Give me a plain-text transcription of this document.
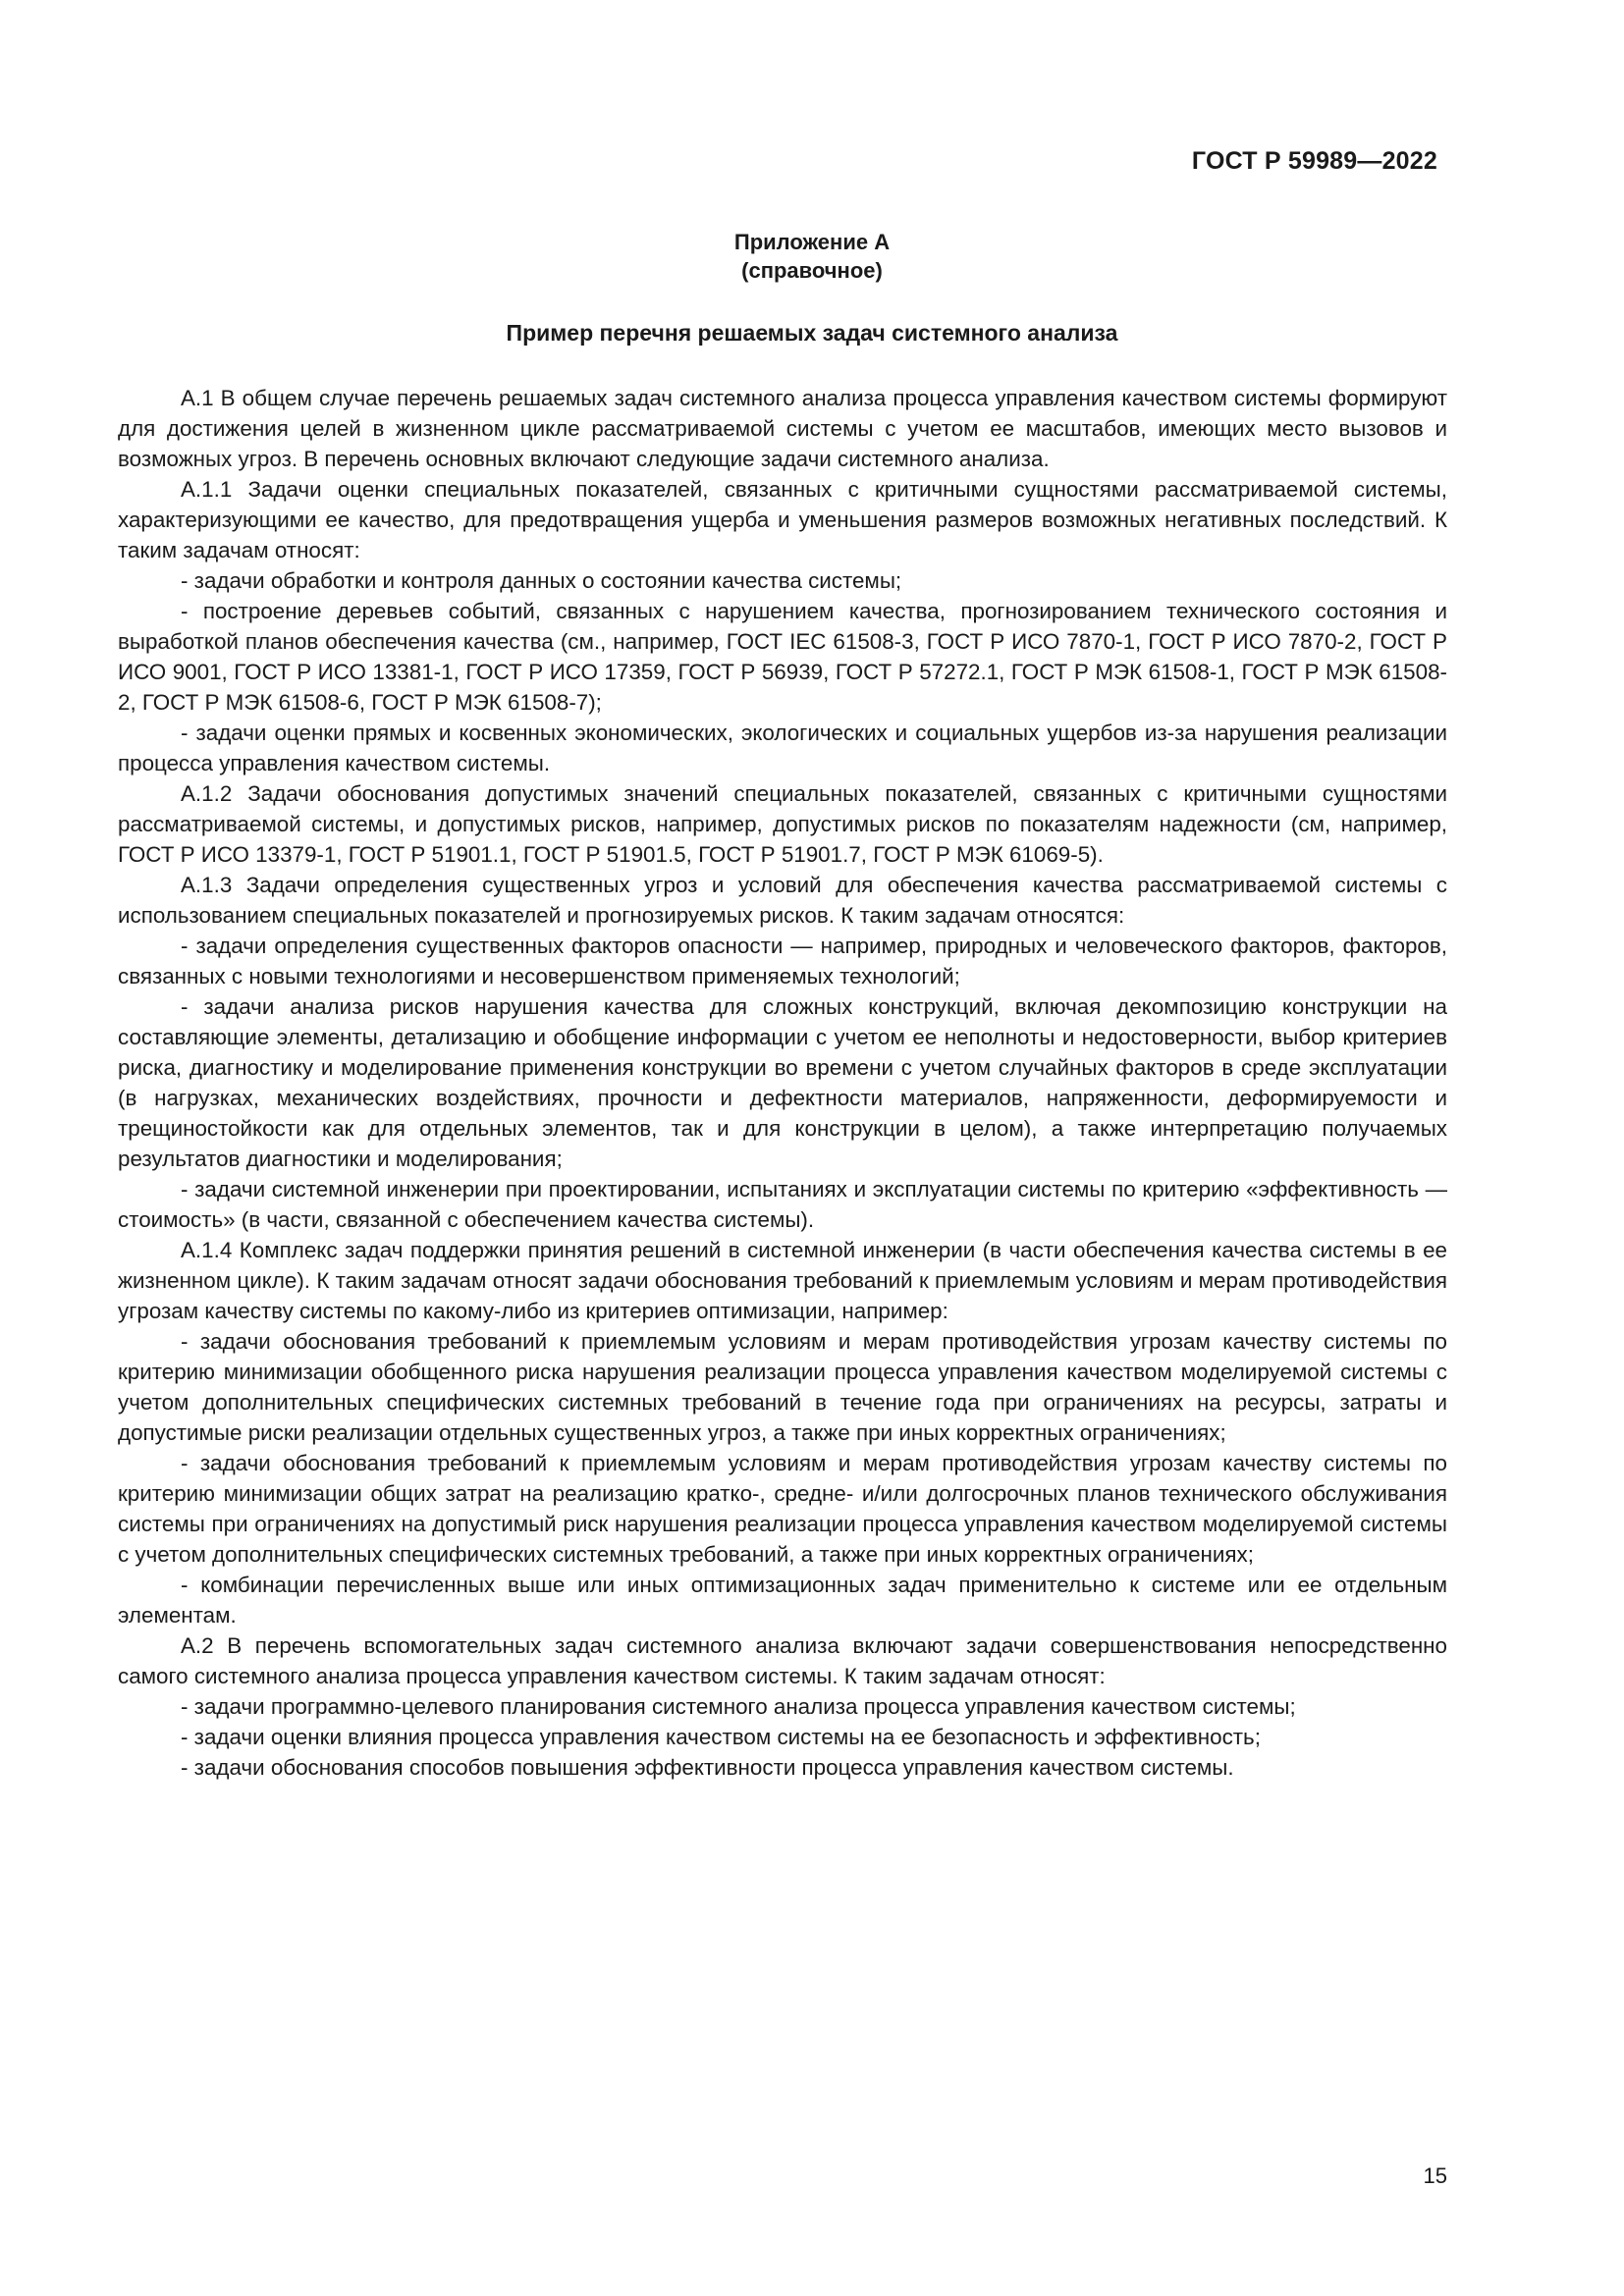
ГОСТ Р 59989—2022
Приложение А
(справочное)
Пример перечня решаемых задач системного анализа

А.1 В общем случае перечень решаемых задач системного анализа процесса управления качеством системы формируют для достижения целей в жизненном цикле рассматриваемой системы с учетом ее масштабов, имеющих место вызовов и возможных угроз. В перечень основных включают следующие задачи системного анализа.

А.1.1 Задачи оценки специальных показателей, связанных с критичными сущностями рассматриваемой системы, характеризующими ее качество, для предотвращения ущерба и уменьшения размеров возможных негативных последствий. К таким задачам относят:

- задачи обработки и контроля данных о состоянии качества системы;

- построение деревьев событий, связанных с нарушением качества, прогнозированием технического состояния и выработкой планов обеспечения качества (см., например, ГОСТ IEC 61508-3, ГОСТ Р ИСО 7870-1, ГОСТ Р ИСО 7870-2, ГОСТ Р ИСО 9001, ГОСТ Р ИСО 13381-1, ГОСТ Р ИСО 17359, ГОСТ Р 56939, ГОСТ Р 57272.1, ГОСТ Р МЭК 61508-1, ГОСТ Р МЭК 61508-2, ГОСТ Р МЭК 61508-6, ГОСТ Р МЭК 61508-7);

- задачи оценки прямых и косвенных экономических, экологических и социальных ущербов из-за нарушения реализации процесса управления качеством системы.

А.1.2 Задачи обоснования допустимых значений специальных показателей, связанных с критичными сущностями рассматриваемой системы, и допустимых рисков, например, допустимых рисков по показателям надежности (см, например, ГОСТ Р ИСО 13379-1, ГОСТ Р 51901.1, ГОСТ Р 51901.5, ГОСТ Р 51901.7, ГОСТ Р МЭК 61069-5).

А.1.3 Задачи определения существенных угроз и условий для обеспечения качества рассматриваемой системы с использованием специальных показателей и прогнозируемых рисков. К таким задачам относятся:

- задачи определения существенных факторов опасности — например, природных и человеческого факторов, факторов, связанных с новыми технологиями и несовершенством применяемых технологий;

- задачи анализа рисков нарушения качества для сложных конструкций, включая декомпозицию конструкции на составляющие элементы, детализацию и обобщение информации с учетом ее неполноты и недостоверности, выбор критериев риска, диагностику и моделирование применения конструкции во времени с учетом случайных факторов в среде эксплуатации (в нагрузках, механических воздействиях, прочности и дефектности материалов, напряженности, деформируемости и трещиностойкости как для отдельных элементов, так и для конструкции в целом), а также интерпретацию получаемых результатов диагностики и моделирования;

- задачи системной инженерии при проектировании, испытаниях и эксплуатации системы по критерию «эффективность — стоимость» (в части, связанной с обеспечением качества системы).

А.1.4 Комплекс задач поддержки принятия решений в системной инженерии (в части обеспечения качества системы в ее жизненном цикле). К таким задачам относят задачи обоснования требований к приемлемым условиям и мерам противодействия угрозам качеству системы по какому-либо из критериев оптимизации, например:

- задачи обоснования требований к приемлемым условиям и мерам противодействия угрозам качеству системы по критерию минимизации обобщенного риска нарушения реализации процесса управления качеством моделируемой системы с учетом дополнительных специфических системных требований в течение года при ограничениях на ресурсы, затраты и допустимые риски реализации отдельных существенных угроз, а также при иных корректных ограничениях;

- задачи обоснования требований к приемлемым условиям и мерам противодействия угрозам качеству системы по критерию минимизации общих затрат на реализацию кратко-, средне- и/или долгосрочных планов технического обслуживания системы при ограничениях на допустимый риск нарушения реализации процесса управления качеством моделируемой системы с учетом дополнительных специфических системных требований, а также при иных корректных ограничениях;

- комбинации перечисленных выше или иных оптимизационных задач применительно к системе или ее отдельным элементам.

А.2 В перечень вспомогательных задач системного анализа включают задачи совершенствования непосредственно самого системного анализа процесса управления качеством системы. К таким задачам относят:

- задачи программно-целевого планирования системного анализа процесса управления качеством системы;

- задачи оценки влияния процесса управления качеством системы на ее безопасность и эффективность;

- задачи обоснования способов повышения эффективности процесса управления качеством системы.

15
